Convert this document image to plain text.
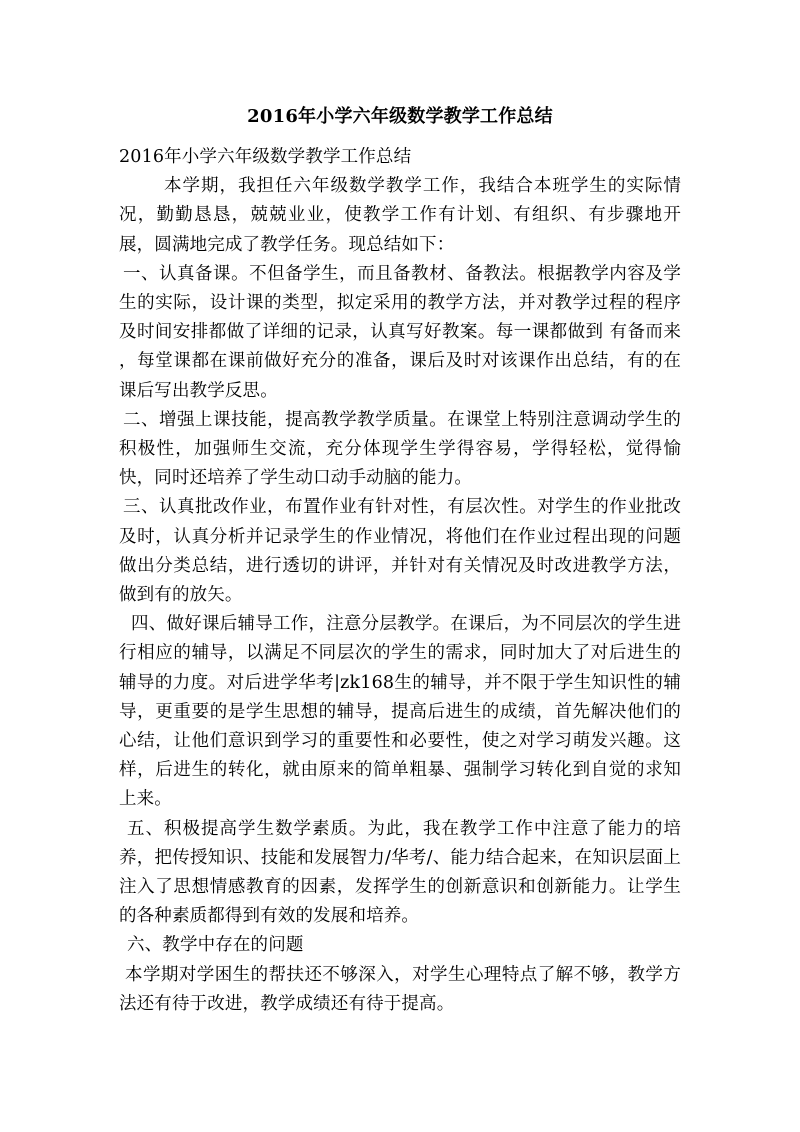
2016年小学六年级数学教学工作总结

2016年小学六年级数学教学工作总结

本学期，我担任六年级数学教学工作，我结合本班学生的实际情况，勤勤恳恳，兢兢业业，使教学工作有计划、有组织、有步骤地开展，圆满地完成了教学任务。现总结如下：

一、认真备课。不但备学生，而且备教材、备教法。根据教学内容及学生的实际，设计课的类型，拟定采用的教学方法，并对教学过程的程序及时间安排都做了详细的记录，认真写好教案。每一课都做到 有备而来 ，每堂课都在课前做好充分的准备，课后及时对该课作出总结，有的在课后写出教学反思。

二、增强上课技能，提高教学教学质量。在课堂上特别注意调动学生的积极性，加强师生交流，充分体现学生学得容易，学得轻松，觉得愉快，同时还培养了学生动口动手动脑的能力。

三、认真批改作业，布置作业有针对性，有层次性。对学生的作业批改及时，认真分析并记录学生的作业情况，将他们在作业过程出现的问题做出分类总结，进行透切的讲评，并针对有关情况及时改进教学方法，做到有的放矢。

四、做好课后辅导工作，注意分层教学。在课后，为不同层次的学生进行相应的辅导，以满足不同层次的学生的需求，同时加大了对后进生的辅导的力度。对后进学华考|zk168生的辅导，并不限于学生知识性的辅导，更重要的是学生思想的辅导，提高后进生的成绩，首先解决他们的心结，让他们意识到学习的重要性和必要性，使之对学习萌发兴趣。这样，后进生的转化，就由原来的简单粗暴、强制学习转化到自觉的求知上来。

五、积极提高学生数学素质。为此，我在教学工作中注意了能力的培养，把传授知识、技能和发展智力/华考/、能力结合起来，在知识层面上注入了思想情感教育的因素，发挥学生的创新意识和创新能力。让学生的各种素质都得到有效的发展和培养。

六、教学中存在的问题

本学期对学困生的帮扶还不够深入，对学生心理特点了解不够，教学方法还有待于改进，教学成绩还有待于提高。
